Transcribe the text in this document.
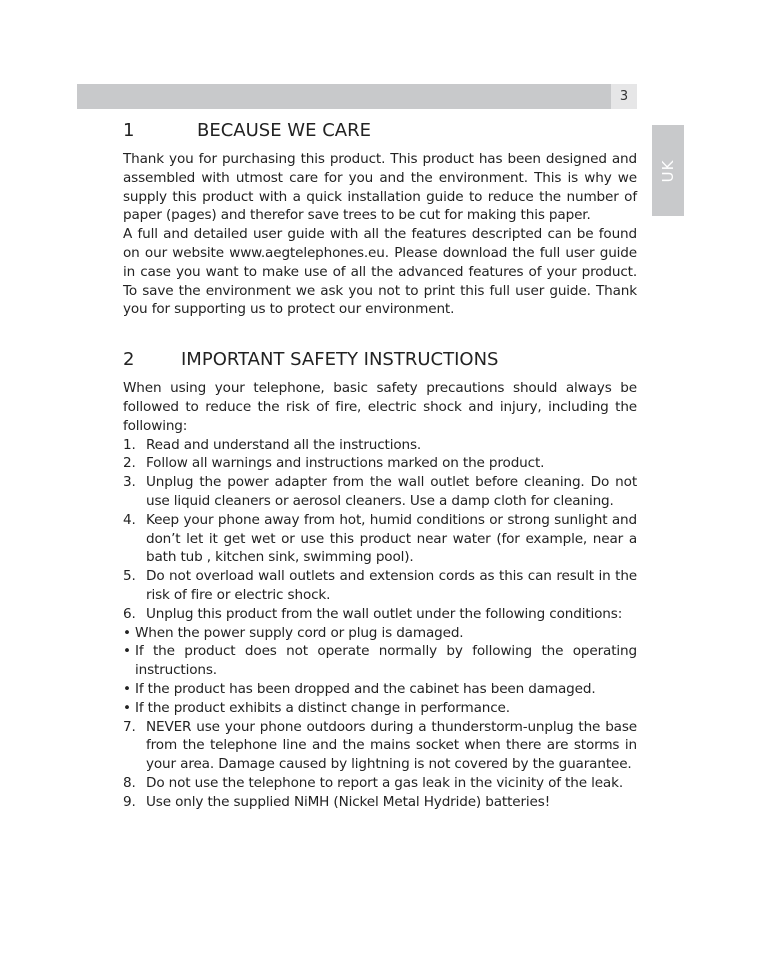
3
UK
1	BECAUSE WE CARE

Thank you for purchasing this product. This product has been designed and assembled with utmost care for you and the environment. This is why we supply this product with a quick installation guide to reduce the number of paper (pages) and therefor save trees to be cut for making this paper.

A full and detailed user guide with all the features descripted can be found on our website www.aegtelephones.eu. Please download the full user guide in case you want to make use of all the advanced features of your product. To save the environment we ask you not to print this full user guide. Thank you for supporting us to protect our environment.

2	IMPORTANT SAFETY INSTRUCTIONS

When using your telephone, basic safety precautions should always be followed to reduce the risk of fire, electric shock and injury, including the following:

1. Read and understand all the instructions.
2. Follow all warnings and instructions marked on the product.
3. Unplug the power adapter from the wall outlet before cleaning. Do not use liquid cleaners or aerosol cleaners. Use a damp cloth for cleaning.
4. Keep your phone away from hot, humid conditions or strong sunlight and don’t let it get wet or use this product near water (for example, near a bath tub , kitchen sink, swimming pool).
5. Do not overload wall outlets and extension cords as this can result in the risk of fire or electric shock.
6. Unplug this product from the wall outlet under the following conditions:
• When the power supply cord or plug is damaged.
• If the product does not operate normally by following the operating instructions.
• If the product has been dropped and the cabinet has been damaged.
• If the product exhibits a distinct change in performance.
7. NEVER use your phone outdoors during a thunderstorm-unplug the base from the telephone line and the mains socket when there are storms in your area. Damage caused by lightning is not covered by the guarantee.
8. Do not use the telephone to report a gas leak in the vicinity of the leak.
9. Use only the supplied NiMH (Nickel Metal Hydride) batteries!
